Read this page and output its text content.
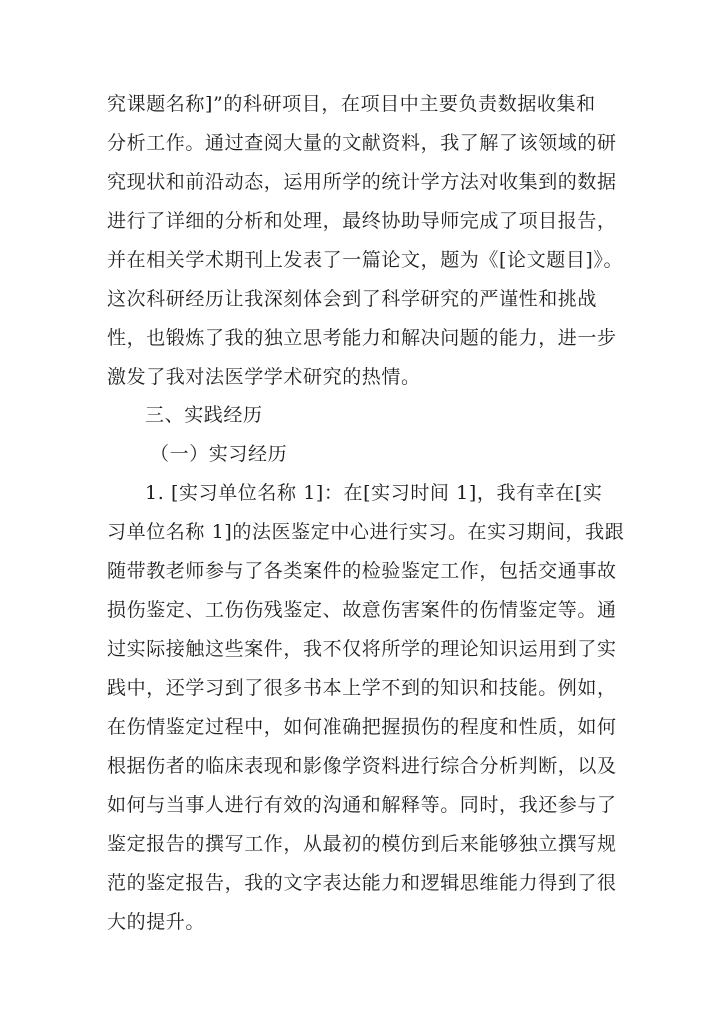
究课题名称]”的科研项目，在项目中主要负责数据收集和

分析工作。通过查阅大量的文献资料，我了解了该领域的研

究现状和前沿动态，运用所学的统计学方法对收集到的数据

进行了详细的分析和处理，最终协助导师完成了项目报告，

并在相关学术期刊上发表了一篇论文，题为《[论文题目]》。

这次科研经历让我深刻体会到了科学研究的严谨性和挑战

性，也锻炼了我的独立思考能力和解决问题的能力，进一步

激发了我对法医学学术研究的热情。

三、实践经历
（一）实习经历

1. [实习单位名称 1]：在[实习时间 1]，我有幸在[实

习单位名称 1]的法医鉴定中心进行实习。在实习期间，我跟

随带教老师参与了各类案件的检验鉴定工作，包括交通事故

损伤鉴定、工伤伤残鉴定、故意伤害案件的伤情鉴定等。通

过实际接触这些案件，我不仅将所学的理论知识运用到了实

践中，还学习到了很多书本上学不到的知识和技能。例如，

在伤情鉴定过程中，如何准确把握损伤的程度和性质，如何

根据伤者的临床表现和影像学资料进行综合分析判断，以及

如何与当事人进行有效的沟通和解释等。同时，我还参与了

鉴定报告的撰写工作，从最初的模仿到后来能够独立撰写规

范的鉴定报告，我的文字表达能力和逻辑思维能力得到了很

大的提升。
